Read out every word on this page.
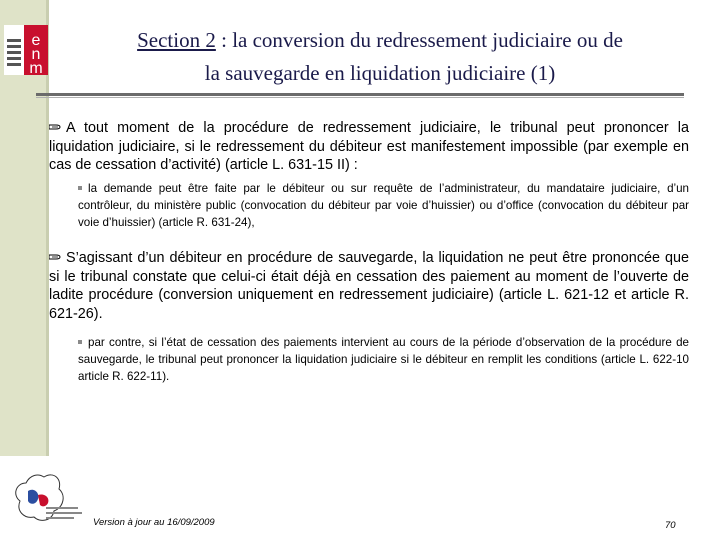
e
n
m
Section 2 : la conversion du redressement judiciaire ou de
la sauvegarde en liquidation judiciaire (1)
A tout moment de la procédure de redressement judiciaire, le tribunal peut prononcer la liquidation judiciaire, si le redressement du débiteur est manifestement impossible (par exemple en cas de cessation d’activité) (article L. 631-15 II) :
la demande peut être faite par le débiteur ou sur requête de l’administrateur, du mandataire judiciaire, d’un contrôleur, du ministère public (convocation du débiteur par voie d’huissier) ou d’office (convocation du débiteur par voie d’huissier) (article R. 631-24),
S’agissant d’un débiteur en procédure de sauvegarde, la liquidation ne peut être prononcée que si le tribunal constate que celui-ci était déjà en cessation des paiement au moment de l’ouverte de ladite procédure (conversion uniquement en redressement judiciaire) (article L. 621-12 et article R. 621-26).
par contre, si l’état de cessation des paiements intervient au cours de la période d’observation de la procédure de sauvegarde, le tribunal peut prononcer la liquidation judiciaire si le débiteur en remplit les conditions (article L. 622-10 article R. 622-11).
Version à jour au 16/09/2009	70
